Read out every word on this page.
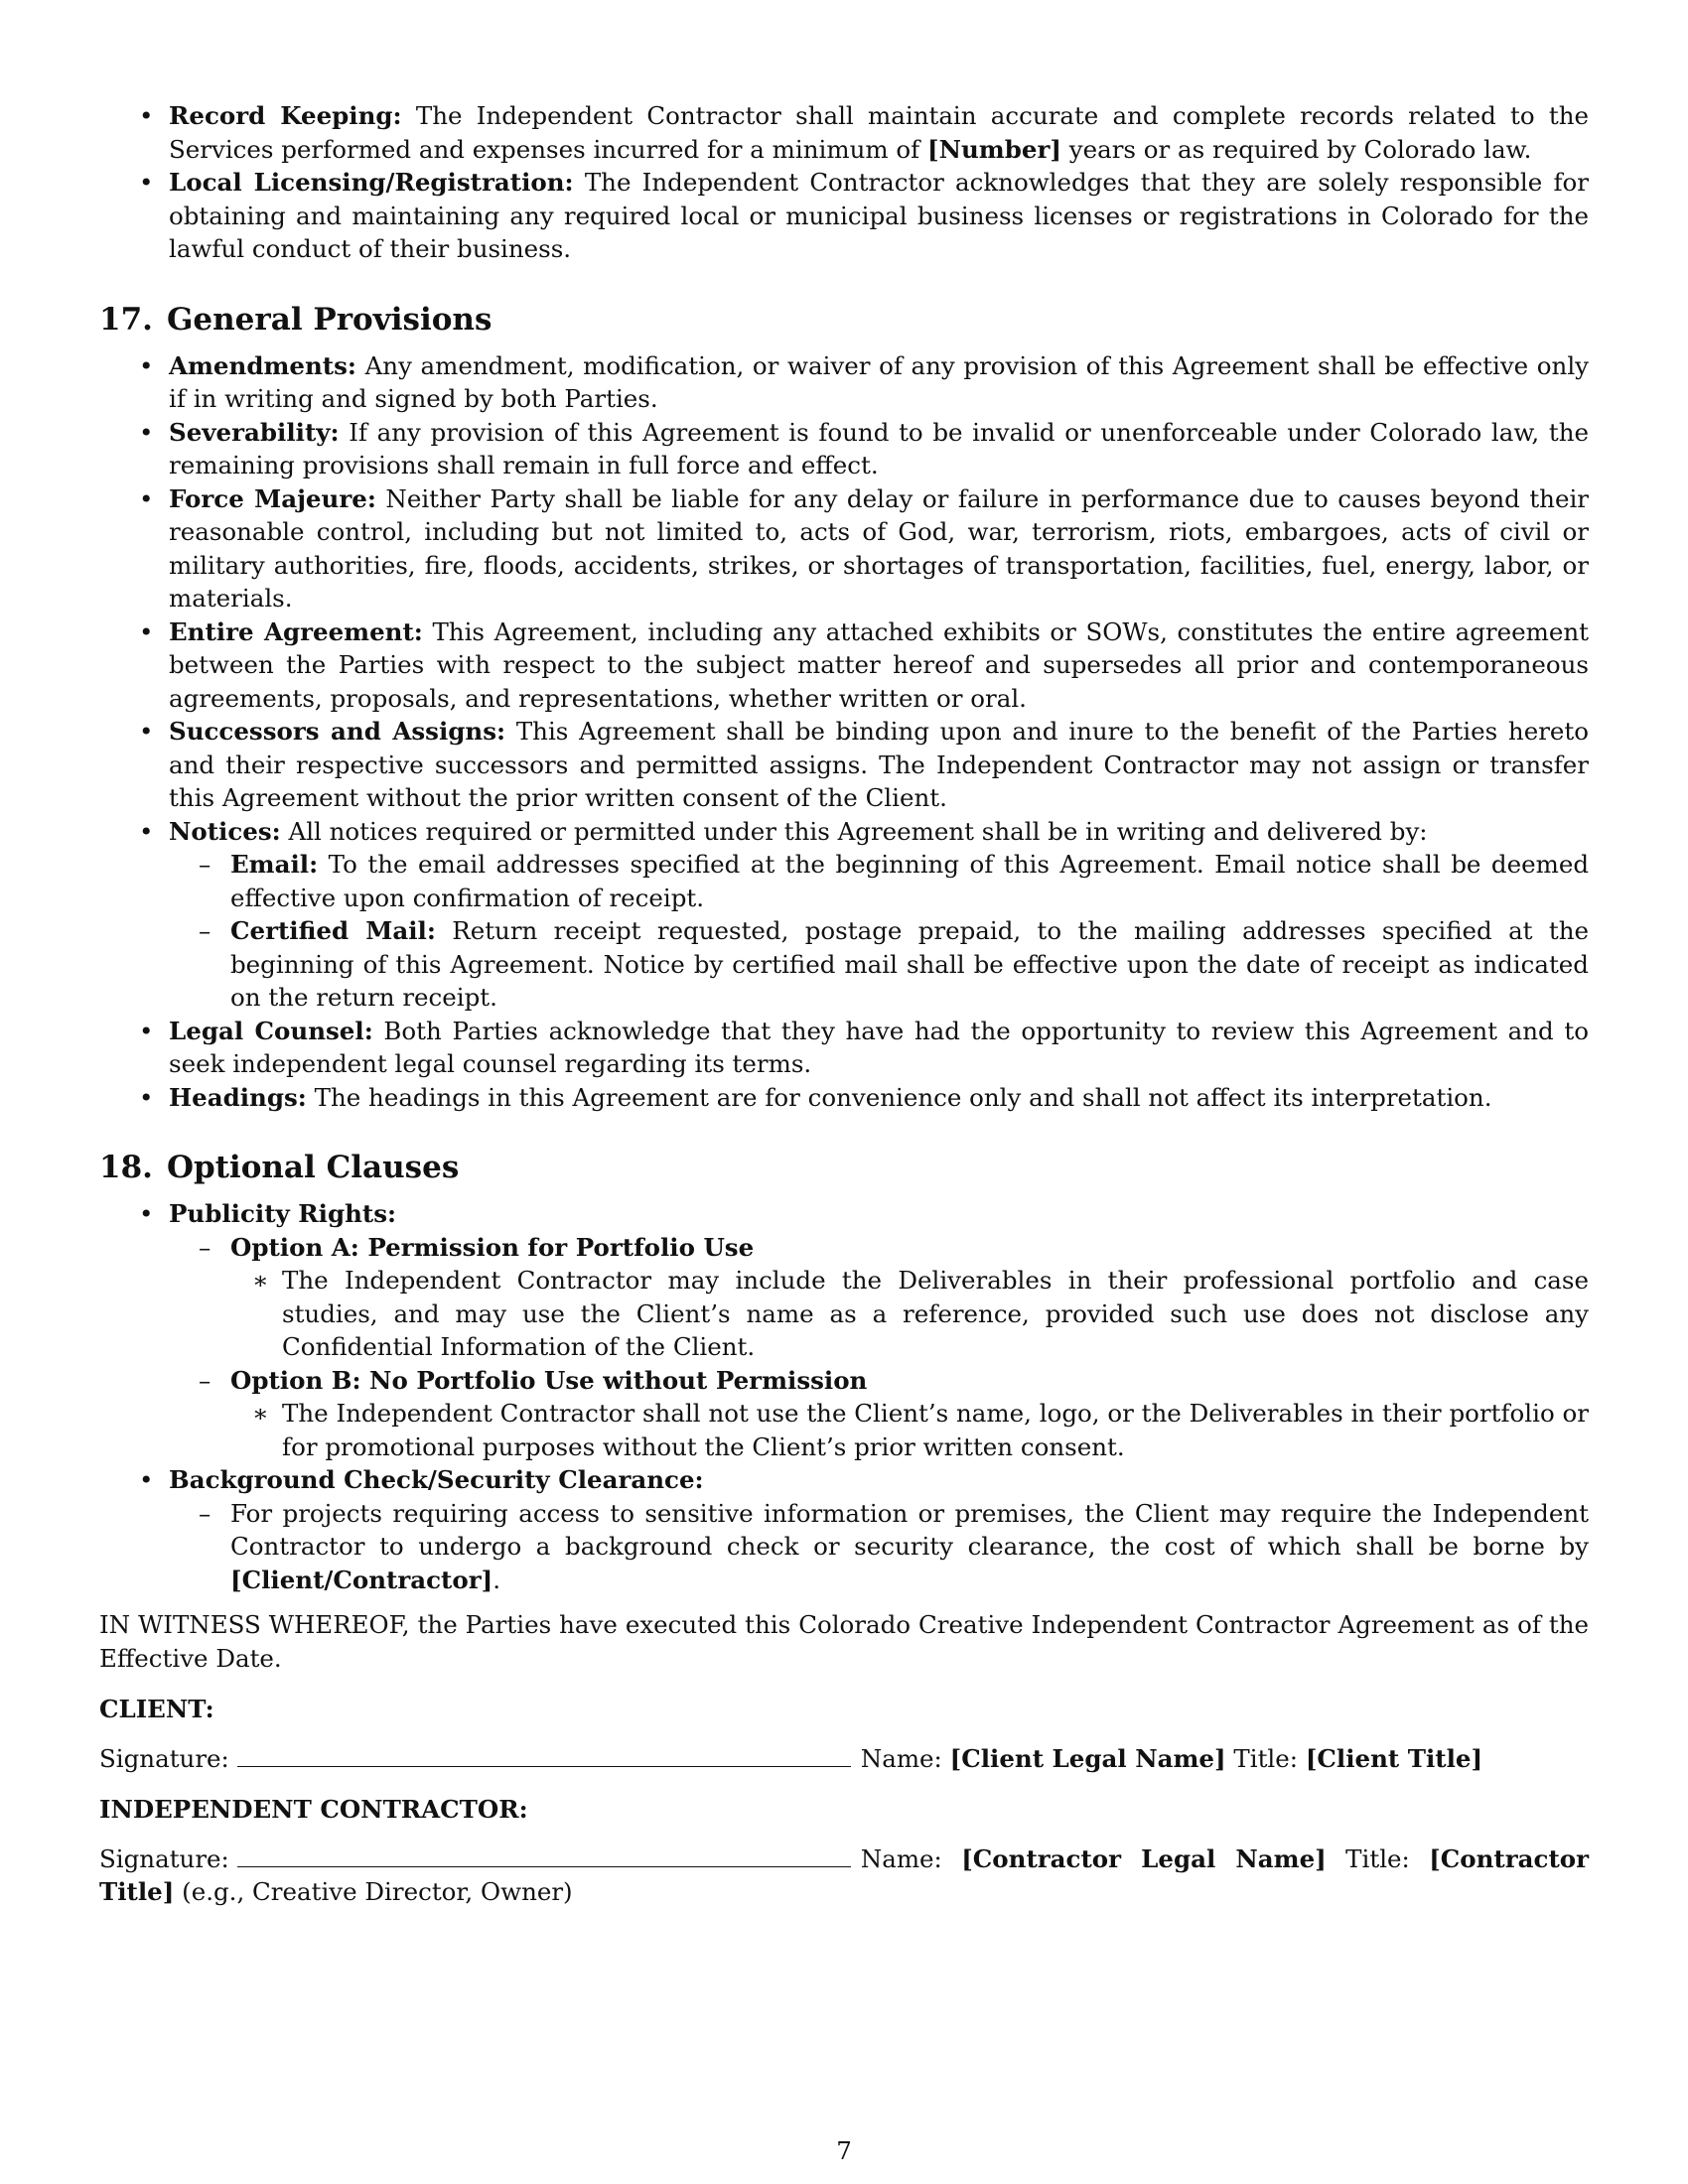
• Record Keeping: The Independent Contractor shall maintain accurate and complete records related to the Services performed and expenses incurred for a minimum of [Number] years or as required by Colorado law.
• Local Licensing/Registration: The Independent Contractor acknowledges that they are solely responsible for obtaining and maintaining any required local or municipal business licenses or registrations in Colorado for the lawful conduct of their business.
17. General Provisions
• Amendments: Any amendment, modification, or waiver of any provision of this Agreement shall be effective only if in writing and signed by both Parties.
• Severability: If any provision of this Agreement is found to be invalid or unenforceable under Colorado law, the remaining provisions shall remain in full force and effect.
• Force Majeure: Neither Party shall be liable for any delay or failure in performance due to causes beyond their reasonable control, including but not limited to, acts of God, war, terrorism, riots, embargoes, acts of civil or military authorities, fire, floods, accidents, strikes, or shortages of transportation, facilities, fuel, energy, labor, or materials.
• Entire Agreement: This Agreement, including any attached exhibits or SOWs, constitutes the entire agreement between the Parties with respect to the subject matter hereof and supersedes all prior and contemporaneous agreements, proposals, and representations, whether written or oral.
• Successors and Assigns: This Agreement shall be binding upon and inure to the benefit of the Parties hereto and their respective successors and permitted assigns. The Independent Contractor may not assign or transfer this Agreement without the prior written consent of the Client.
• Notices: All notices required or permitted under this Agreement shall be in writing and delivered by:
– Email: To the email addresses specified at the beginning of this Agreement. Email notice shall be deemed effective upon confirmation of receipt.
– Certified Mail: Return receipt requested, postage prepaid, to the mailing addresses specified at the beginning of this Agreement. Notice by certified mail shall be effective upon the date of receipt as indicated on the return receipt.
• Legal Counsel: Both Parties acknowledge that they have had the opportunity to review this Agreement and to seek independent legal counsel regarding its terms.
• Headings: The headings in this Agreement are for convenience only and shall not affect its interpretation.
18. Optional Clauses
• Publicity Rights:
– Option A: Permission for Portfolio Use
∗ The Independent Contractor may include the Deliverables in their professional portfolio and case studies, and may use the Client’s name as a reference, provided such use does not disclose any Confidential Information of the Client.
– Option B: No Portfolio Use without Permission
∗ The Independent Contractor shall not use the Client’s name, logo, or the Deliverables in their portfolio or for promotional purposes without the Client’s prior written consent.
• Background Check/Security Clearance:
– For projects requiring access to sensitive information or premises, the Client may require the Independent Contractor to undergo a background check or security clearance, the cost of which shall be borne by [Client/Contractor].

IN WITNESS WHEREOF, the Parties have executed this Colorado Creative Independent Contractor Agreement as of the Effective Date.

CLIENT:

Signature:	Name: [Client Legal Name] Title: [Client Title]

INDEPENDENT CONTRACTOR:

Signature:	Name: [Contractor Legal Name] Title: [Contractor Title] (e.g., Creative Director, Owner)

7
